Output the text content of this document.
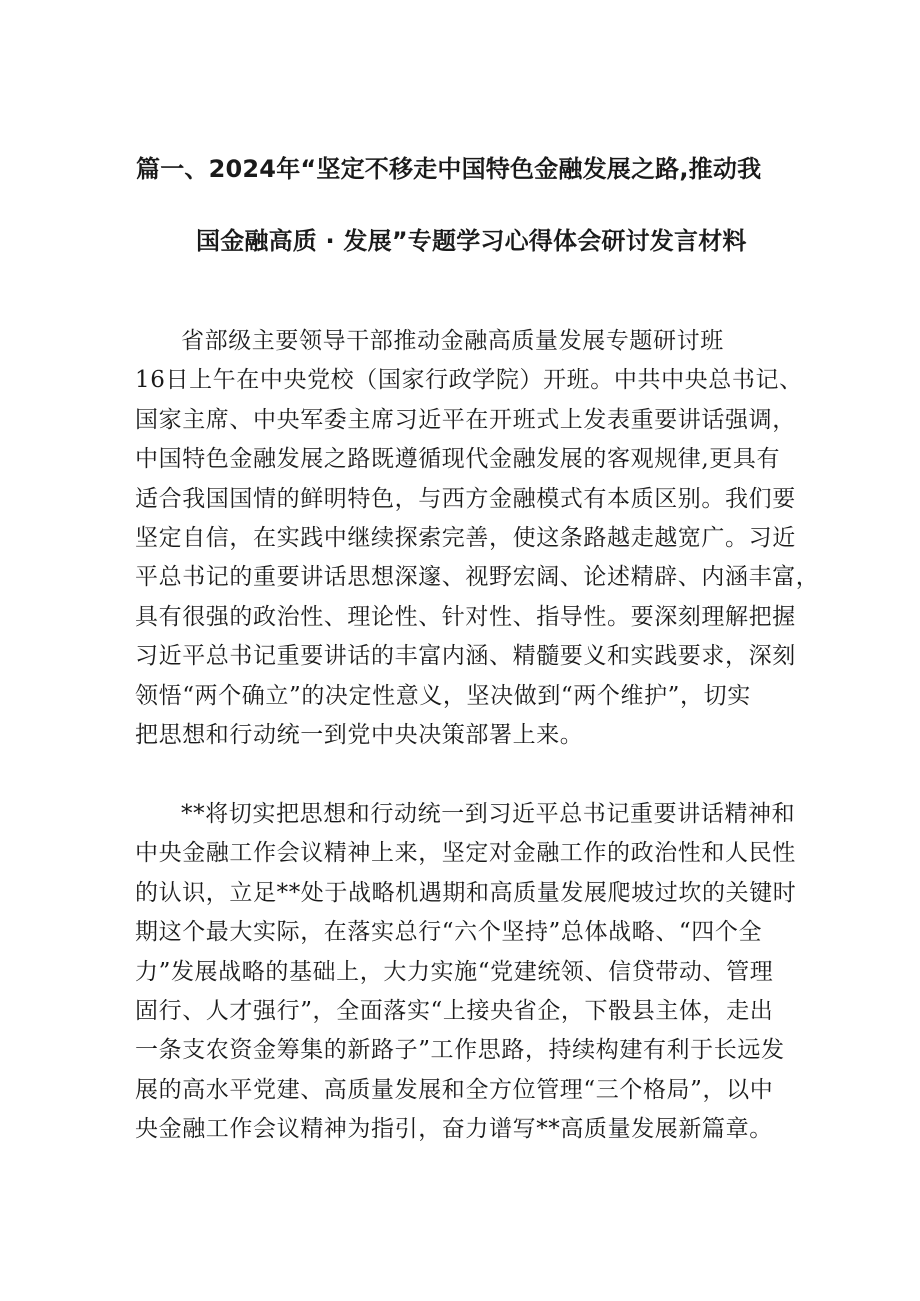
篇一、2024年“坚定不移走中国特色金融发展之路,推动我
国金融高质 · 发展”专题学习心得体会研讨发言材料
省部级主要领导干部推动金融高质量发展专题研讨班
16日上午在中央党校（国家行政学院）开班。中共中央总书记、
国家主席、中央军委主席习近平在开班式上发表重要讲话强调，
中国特色金融发展之路既遵循现代金融发展的客观规律,更具有
适合我国国情的鲜明特色，与西方金融模式有本质区别。我们要
坚定自信，在实践中继续探索完善，使这条路越走越宽广。习近
平总书记的重要讲话思想深邃、视野宏阔、论述精辟、内涵丰富，
具有很强的政治性、理论性、针对性、指导性。要深刻理解把握
习近平总书记重要讲话的丰富内涵、精髓要义和实践要求，深刻
领悟“两个确立”的决定性意义，坚决做到“两个维护”，切实
把思想和行动统一到党中央决策部署上来。
**将切实把思想和行动统一到习近平总书记重要讲话精神和
中央金融工作会议精神上来，坚定对金融工作的政治性和人民性
的认识，立足**处于战略机遇期和高质量发展爬坡过坎的关键时
期这个最大实际，在落实总行“六个坚持”总体战略、“四个全
力”发展战略的基础上，大力实施“党建统领、信贷带动、管理
固行、人才强行”，全面落实“上接央省企，下骰县主体，走出
一条支农资金筹集的新路子”工作思路，持续构建有利于长远发
展的高水平党建、高质量发展和全方位管理“三个格局”，以中
央金融工作会议精神为指引，奋力谱写**高质量发展新篇章。
